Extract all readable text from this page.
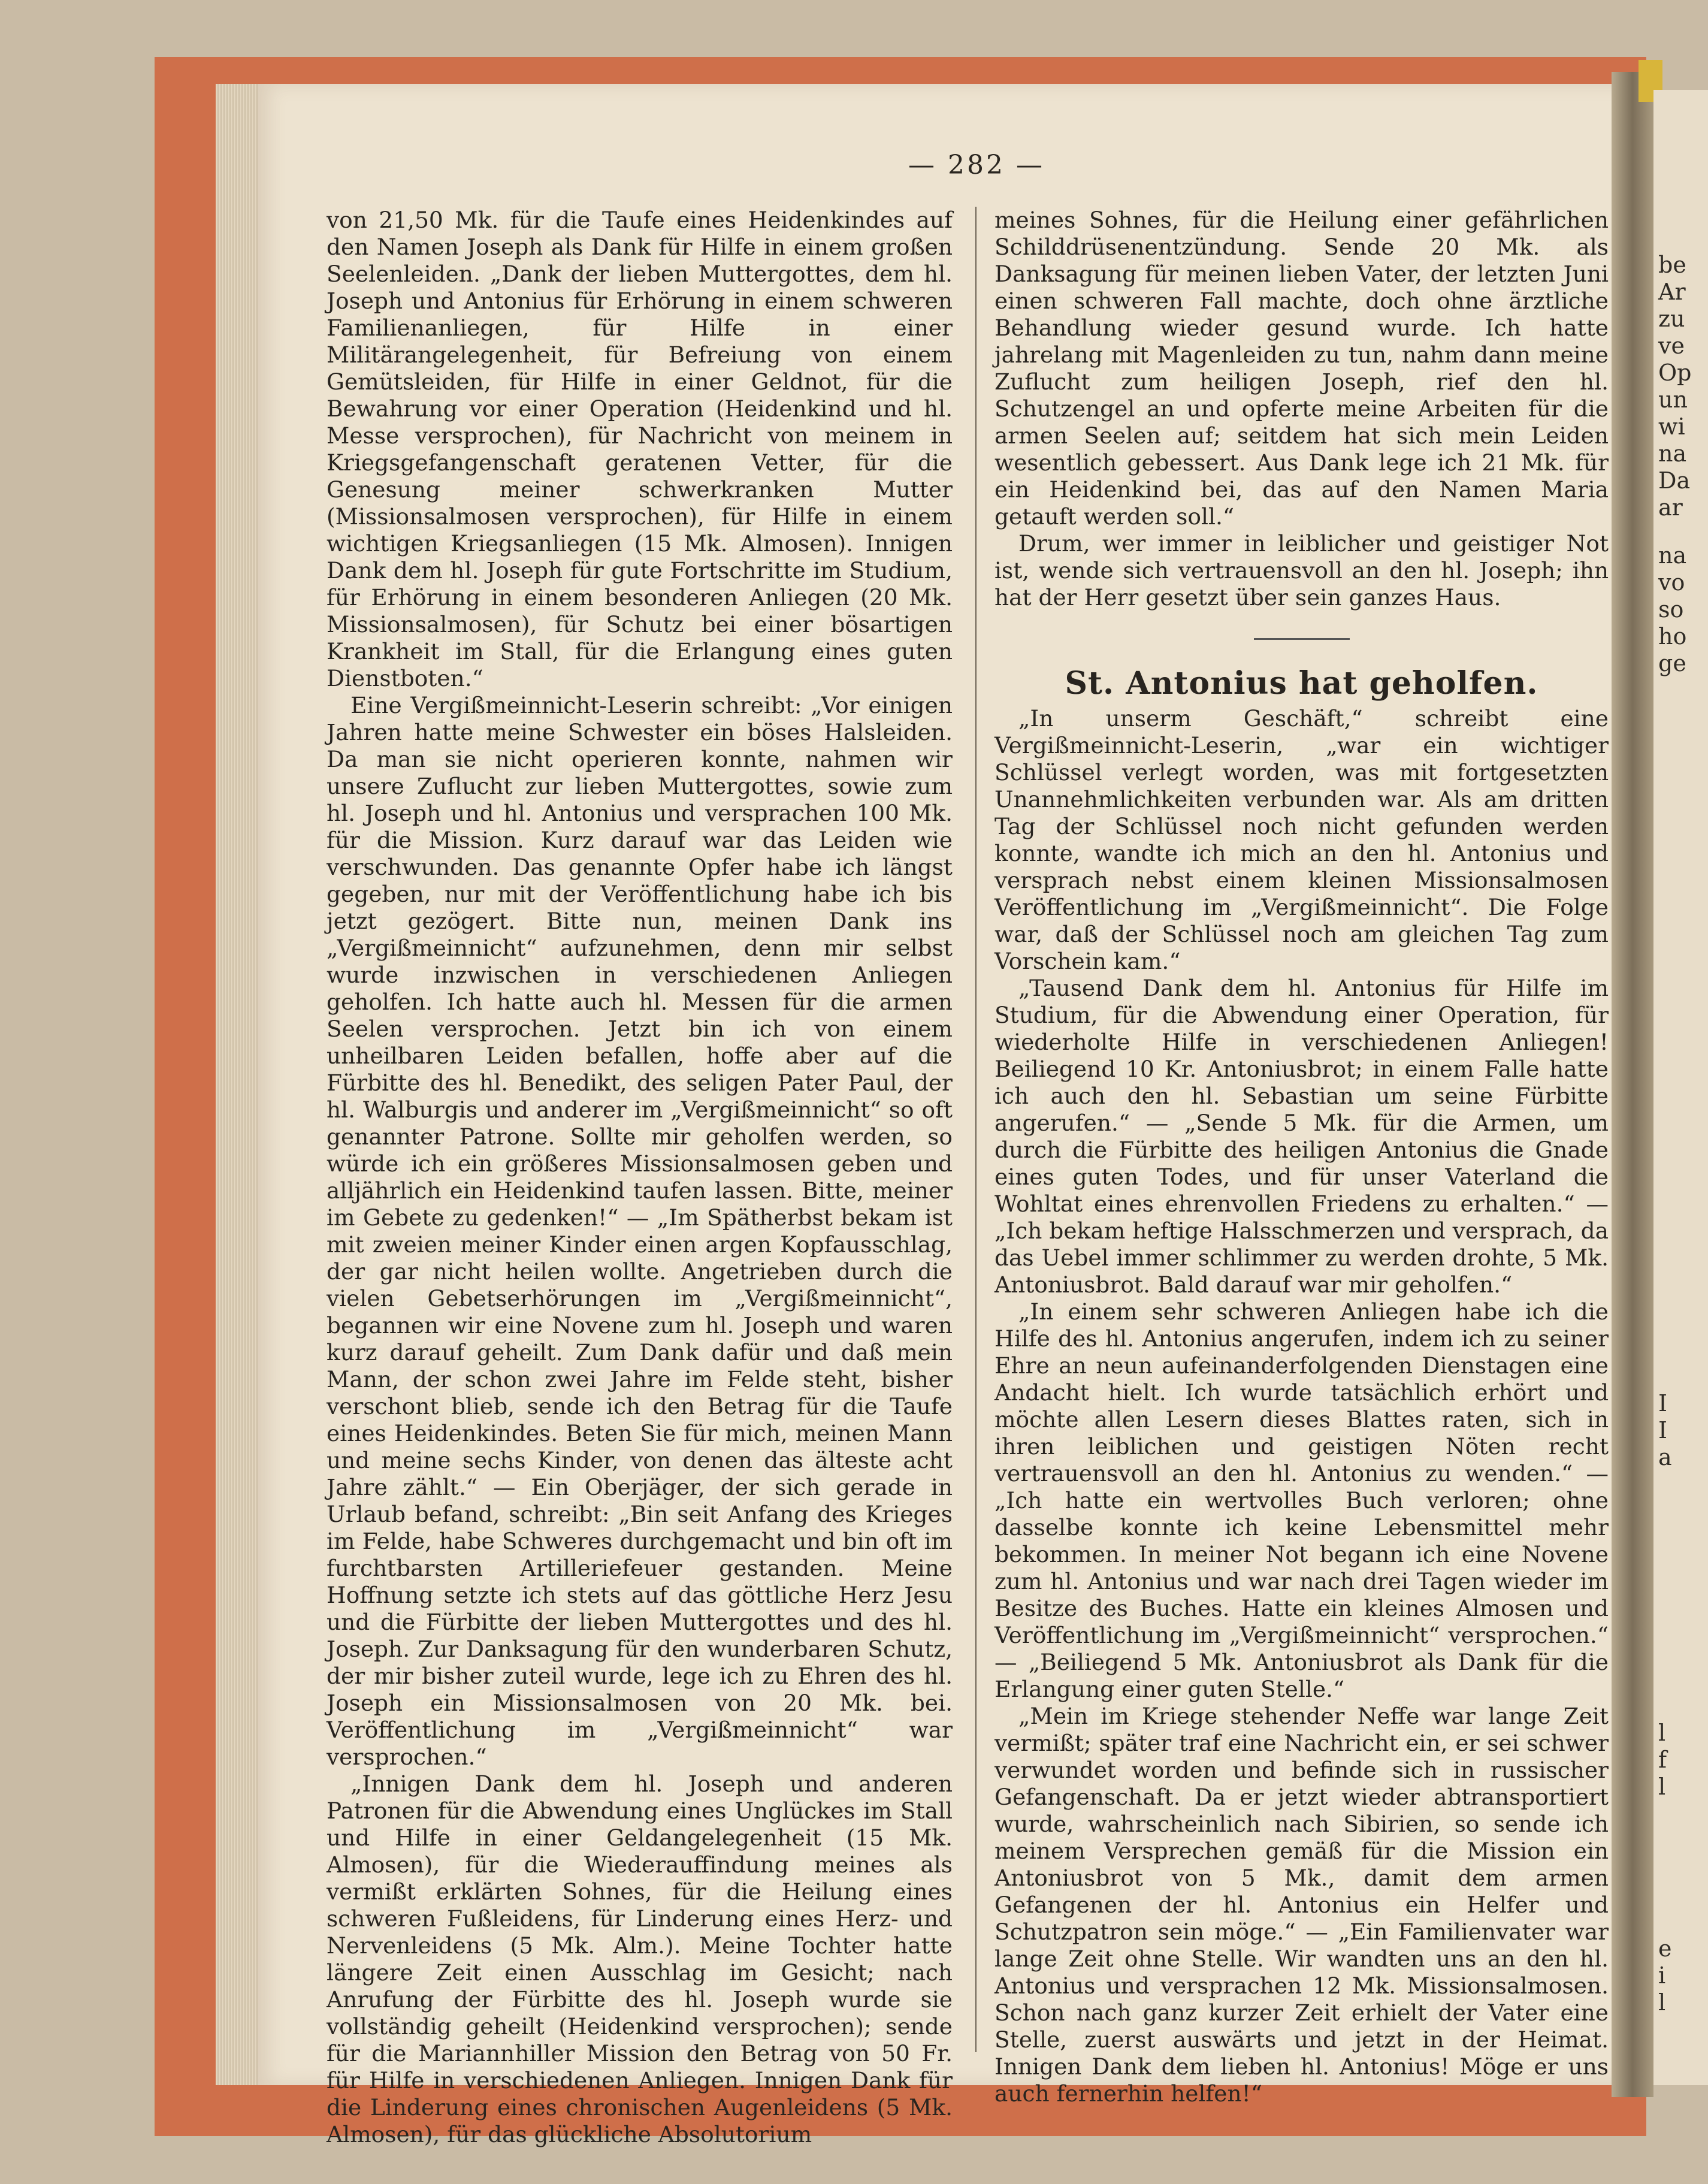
be
Ar
zu
ve
Op
un
wi
na
Da
ar
na
vo
so
ho
ge
I
I
a
l
f
l
e
i
l
— 282 —

von 21,50 Mk. für die Taufe eines Heidenkindes auf den Namen Joseph als Dank für Hilfe in einem großen Seelenleiden. „Dank der lieben Muttergottes, dem hl. Joseph und Antonius für Erhörung in einem schweren Familienanliegen, für Hilfe in einer Militärangelegenheit, für Befreiung von einem Gemütsleiden, für Hilfe in einer Geldnot, für die Bewahrung vor einer Operation (Heidenkind und hl. Messe versprochen), für Nachricht von meinem in Kriegsgefangenschaft geratenen Vetter, für die Genesung meiner schwerkranken Mutter (Missionsalmosen versprochen), für Hilfe in einem wichtigen Kriegsanliegen (15 Mk. Almosen). Innigen Dank dem hl. Joseph für gute Fortschritte im Studium, für Erhörung in einem besonderen Anliegen (20 Mk. Missionsalmosen), für Schutz bei einer bösartigen Krankheit im Stall, für die Erlangung eines guten Dienstboten.“

Eine Vergißmeinnicht-Leserin schreibt: „Vor einigen Jahren hatte meine Schwester ein böses Halsleiden. Da man sie nicht operieren konnte, nahmen wir unsere Zuflucht zur lieben Muttergottes, sowie zum hl. Joseph und hl. Antonius und versprachen 100 Mk. für die Mission. Kurz darauf war das Leiden wie verschwunden. Das genannte Opfer habe ich längst gegeben, nur mit der Veröffentlichung habe ich bis jetzt gezögert. Bitte nun, meinen Dank ins „Vergißmeinnicht“ aufzunehmen, denn mir selbst wurde inzwischen in verschiedenen Anliegen geholfen. Ich hatte auch hl. Messen für die armen Seelen versprochen. Jetzt bin ich von einem unheilbaren Leiden befallen, hoffe aber auf die Fürbitte des hl. Benedikt, des seligen Pater Paul, der hl. Walburgis und anderer im „Vergißmeinnicht“ so oft genannter Patrone. Sollte mir geholfen werden, so würde ich ein größeres Missionsalmosen geben und alljährlich ein Heidenkind taufen lassen. Bitte, meiner im Gebete zu gedenken!“ — „Im Spätherbst bekam ist mit zweien meiner Kinder einen argen Kopfausschlag, der gar nicht heilen wollte. Angetrieben durch die vielen Gebetserhörungen im „Vergißmeinnicht“, begannen wir eine Novene zum hl. Joseph und waren kurz darauf geheilt. Zum Dank dafür und daß mein Mann, der schon zwei Jahre im Felde steht, bisher verschont blieb, sende ich den Betrag für die Taufe eines Heidenkindes. Beten Sie für mich, meinen Mann und meine sechs Kinder, von denen das älteste acht Jahre zählt.“ — Ein Oberjäger, der sich gerade in Urlaub befand, schreibt: „Bin seit Anfang des Krieges im Felde, habe Schweres durchgemacht und bin oft im furchtbarsten Artilleriefeuer gestanden. Meine Hoffnung setzte ich stets auf das göttliche Herz Jesu und die Fürbitte der lieben Muttergottes und des hl. Joseph. Zur Danksagung für den wunderbaren Schutz, der mir bisher zuteil wurde, lege ich zu Ehren des hl. Joseph ein Missionsalmosen von 20 Mk. bei. Veröffentlichung im „Vergißmeinnicht“ war versprochen.“

„Innigen Dank dem hl. Joseph und anderen Patronen für die Abwendung eines Unglückes im Stall und Hilfe in einer Geldangelegenheit (15 Mk. Almosen), für die Wiederauffindung meines als vermißt erklärten Sohnes, für die Heilung eines schweren Fußleidens, für Linderung eines Herz- und Nervenleidens (5 Mk. Alm.). Meine Tochter hatte längere Zeit einen Ausschlag im Gesicht; nach Anrufung der Fürbitte des hl. Joseph wurde sie vollständig geheilt (Heidenkind versprochen); sende für die Mariannhiller Mission den Betrag von 50 Fr. für Hilfe in verschiedenen Anliegen. Innigen Dank für die Linderung eines chronischen Augenleidens (5 Mk. Almosen), für das glückliche Absolutorium

meines Sohnes, für die Heilung einer gefährlichen Schilddrüsenentzündung. Sende 20 Mk. als Danksagung für meinen lieben Vater, der letzten Juni einen schweren Fall machte, doch ohne ärztliche Behandlung wieder gesund wurde. Ich hatte jahrelang mit Magenleiden zu tun, nahm dann meine Zuflucht zum heiligen Joseph, rief den hl. Schutzengel an und opferte meine Arbeiten für die armen Seelen auf; seitdem hat sich mein Leiden wesentlich gebessert. Aus Dank lege ich 21 Mk. für ein Heidenkind bei, das auf den Namen Maria getauft werden soll.“

Drum, wer immer in leiblicher und geistiger Not ist, wende sich vertrauensvoll an den hl. Joseph; ihn hat der Herr gesetzt über sein ganzes Haus.

St. Antonius hat geholfen.

„In unserm Geschäft,“ schreibt eine Vergißmeinnicht-Leserin, „war ein wichtiger Schlüssel verlegt worden, was mit fortgesetzten Unannehmlichkeiten verbunden war. Als am dritten Tag der Schlüssel noch nicht gefunden werden konnte, wandte ich mich an den hl. Antonius und versprach nebst einem kleinen Missionsalmosen Veröffentlichung im „Vergißmeinnicht“. Die Folge war, daß der Schlüssel noch am gleichen Tag zum Vorschein kam.“

„Tausend Dank dem hl. Antonius für Hilfe im Studium, für die Abwendung einer Operation, für wiederholte Hilfe in verschiedenen Anliegen! Beiliegend 10 Kr. Antoniusbrot; in einem Falle hatte ich auch den hl. Sebastian um seine Fürbitte angerufen.“ — „Sende 5 Mk. für die Armen, um durch die Fürbitte des heiligen Antonius die Gnade eines guten Todes, und für unser Vaterland die Wohltat eines ehrenvollen Friedens zu erhalten.“ — „Ich bekam heftige Halsschmerzen und versprach, da das Uebel immer schlimmer zu werden drohte, 5 Mk. Antoniusbrot. Bald darauf war mir geholfen.“

„In einem sehr schweren Anliegen habe ich die Hilfe des hl. Antonius angerufen, indem ich zu seiner Ehre an neun aufeinanderfolgenden Dienstagen eine Andacht hielt. Ich wurde tatsächlich erhört und möchte allen Lesern dieses Blattes raten, sich in ihren leiblichen und geistigen Nöten recht vertrauensvoll an den hl. Antonius zu wenden.“ — „Ich hatte ein wertvolles Buch verloren; ohne dasselbe konnte ich keine Lebensmittel mehr bekommen. In meiner Not begann ich eine Novene zum hl. Antonius und war nach drei Tagen wieder im Besitze des Buches. Hatte ein kleines Almosen und Veröffentlichung im „Vergißmeinnicht“ versprochen.“ — „Beiliegend 5 Mk. Antoniusbrot als Dank für die Erlangung einer guten Stelle.“

„Mein im Kriege stehender Neffe war lange Zeit vermißt; später traf eine Nachricht ein, er sei schwer verwundet worden und befinde sich in russischer Gefangenschaft. Da er jetzt wieder abtransportiert wurde, wahrscheinlich nach Sibirien, so sende ich meinem Versprechen gemäß für die Mission ein Antoniusbrot von 5 Mk., damit dem armen Gefangenen der hl. Antonius ein Helfer und Schutzpatron sein möge.“ — „Ein Familienvater war lange Zeit ohne Stelle. Wir wandten uns an den hl. Antonius und versprachen 12 Mk. Missionsalmosen. Schon nach ganz kurzer Zeit erhielt der Vater eine Stelle, zuerst auswärts und jetzt in der Heimat. Innigen Dank dem lieben hl. Antonius! Möge er uns auch fernerhin helfen!“
